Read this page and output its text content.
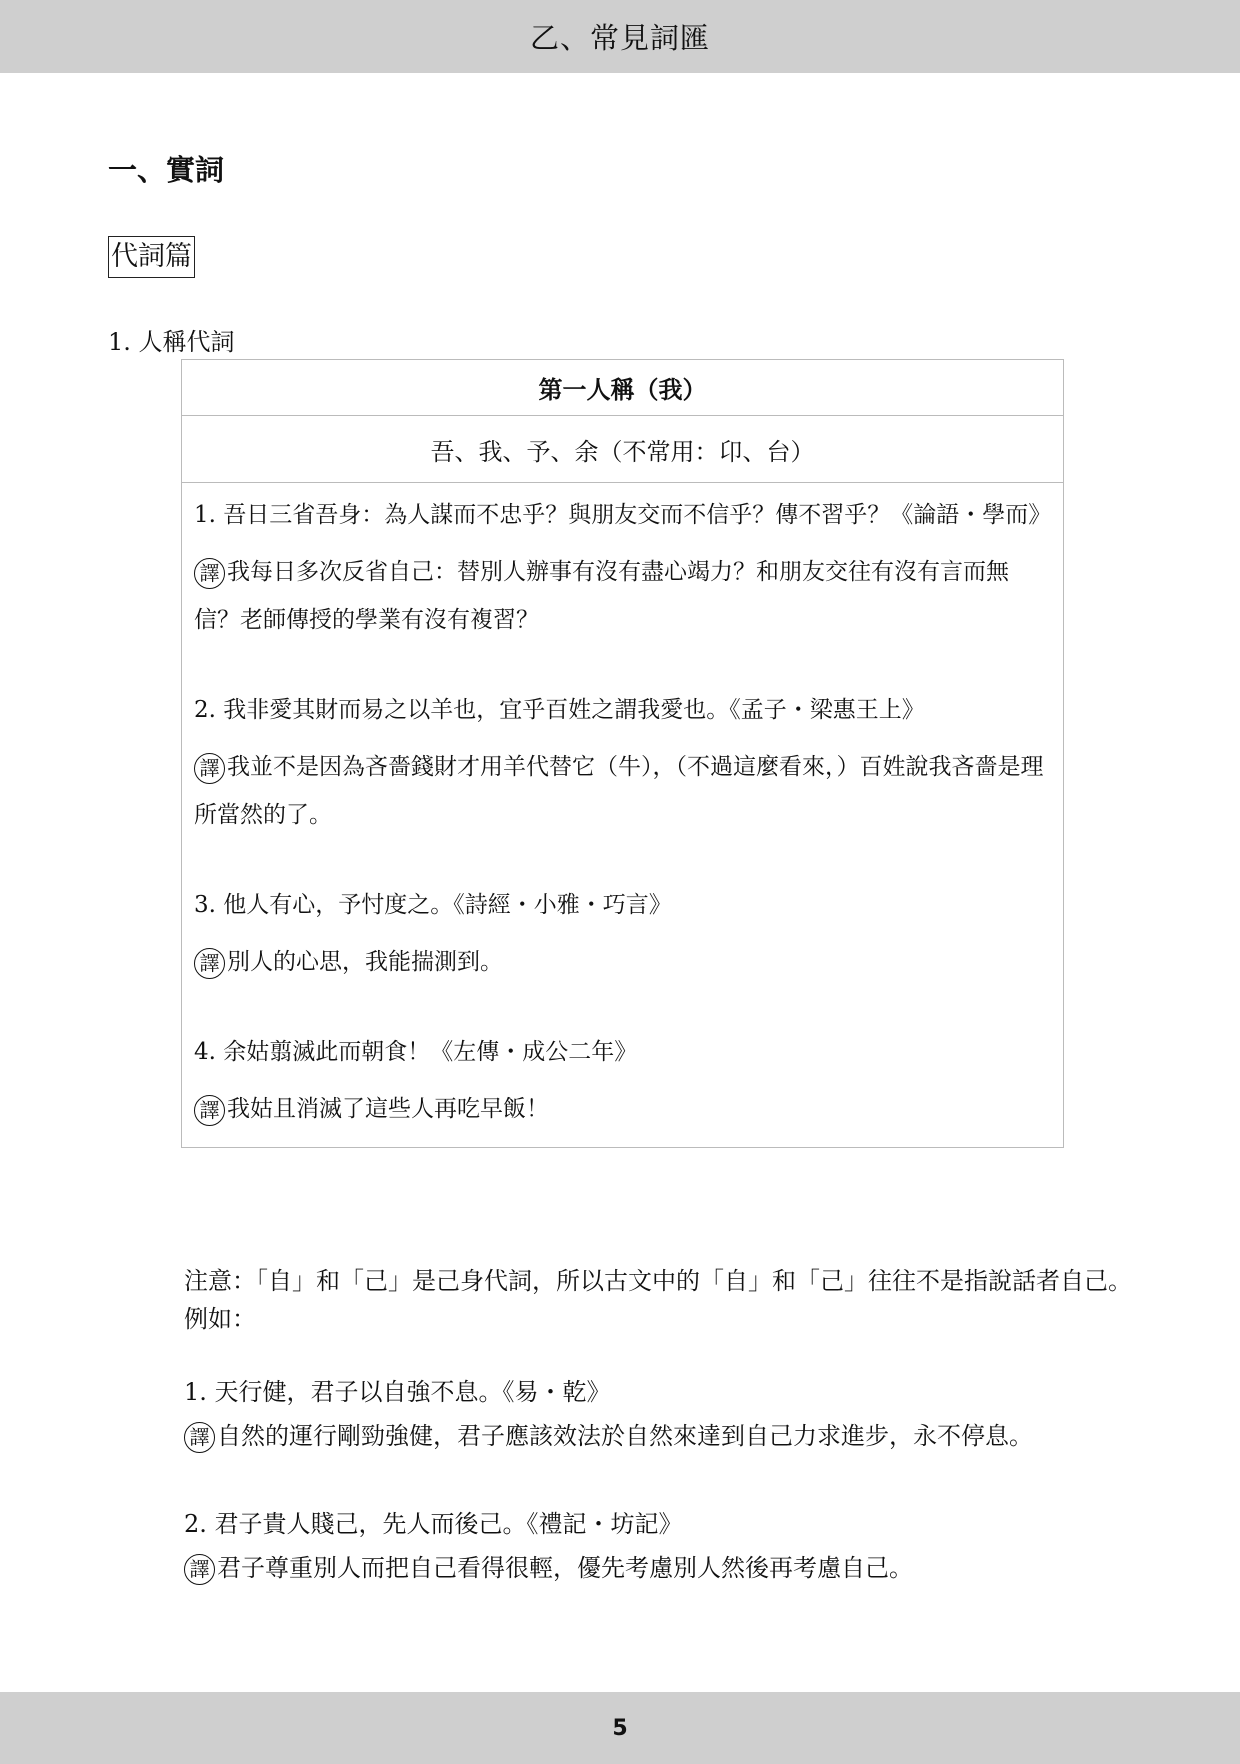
乙、常見詞匯
一、實詞
代詞篇
1. 人稱代詞
第一人稱（我）
吾、我、予、余（不常用：卬、台）
1. 吾日三省吾身：為人謀而不忠乎？與朋友交而不信乎？傳不習乎？《論語・學而》
譯 我每日多次反省自己：替別人辦事有沒有盡心竭力？和朋友交往有沒有言而無信？老師傳授的學業有沒有複習？
2. 我非愛其財而易之以羊也，宜乎百姓之謂我愛也。《孟子・梁惠王上》
譯 我並不是因為吝嗇錢財才用羊代替它（牛），（不過這麼看來，）百姓說我吝嗇是理所當然的了。
3. 他人有心，予忖度之。《詩經・小雅・巧言》
譯 別人的心思，我能揣測到。
4. 余姑翦滅此而朝食！《左傳・成公二年》
譯 我姑且消滅了這些人再吃早飯！
注意：「自」和「己」是己身代詞，所以古文中的「自」和「己」往往不是指說話者自己。例如：
1. 天行健，君子以自強不息。《易・乾》
譯 自然的運行剛勁強健，君子應該效法於自然來達到自己力求進步，永不停息。
2. 君子貴人賤己，先人而後己。《禮記・坊記》
譯 君子尊重別人而把自己看得很輕，優先考慮別人然後再考慮自己。
5
